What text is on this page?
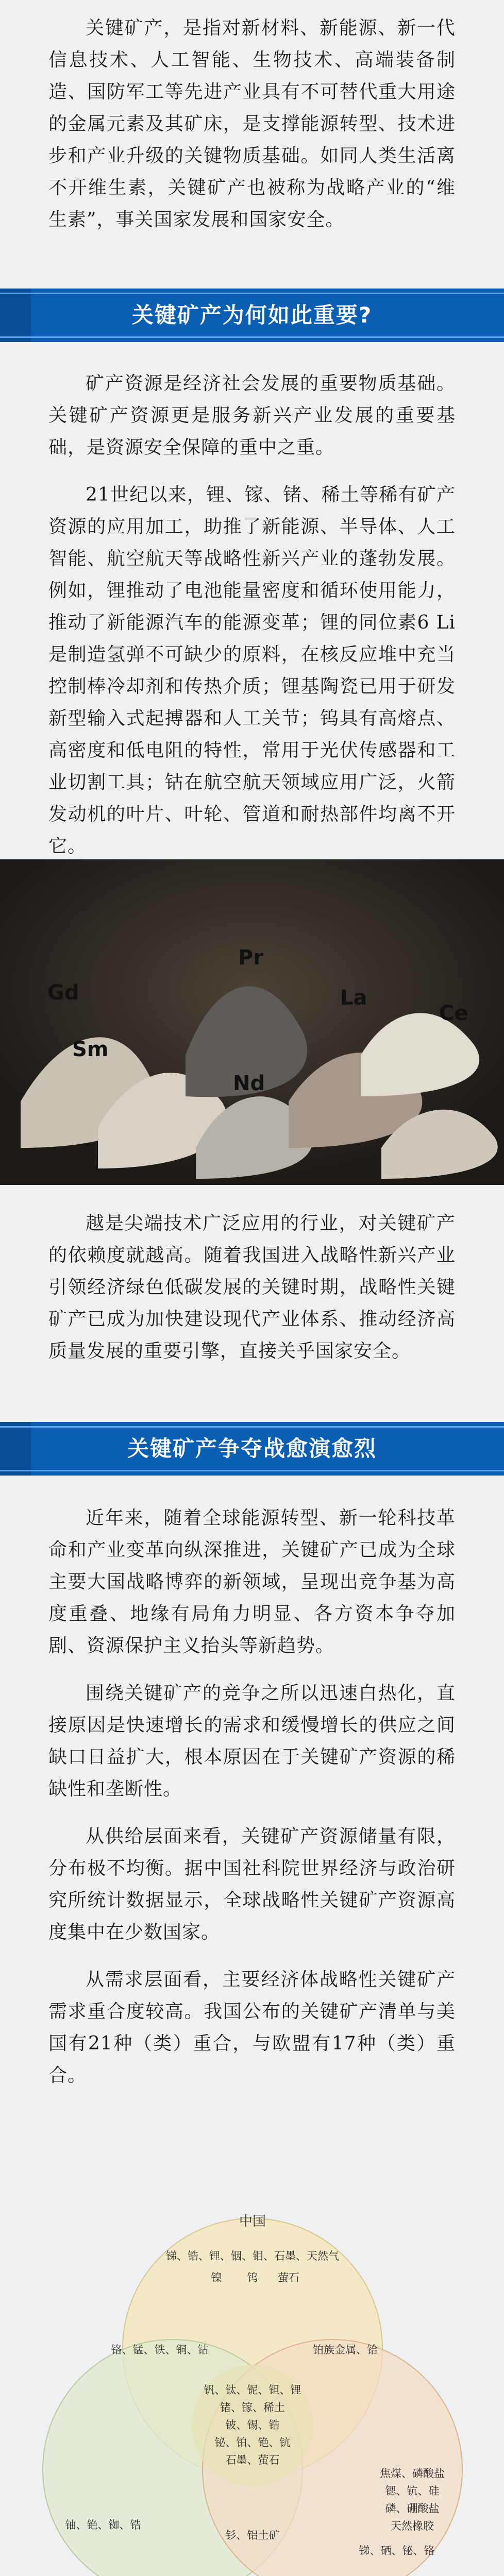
关键矿产，是指对新材料、新能源、新一代信息技术、人工智能、生物技术、高端装备制造、国防军工等先进产业具有不可替代重大用途的金属元素及其矿床，是支撑能源转型、技术进步和产业升级的关键物质基础。如同人类生活离不开维生素，关键矿产也被称为战略产业的“维生素”，事关国家发展和国家安全。

关键矿产为何如此重要?

矿产资源是经济社会发展的重要物质基础。关键矿产资源更是服务新兴产业发展的重要基础，是资源安全保障的重中之重。

21世纪以来，锂、镓、锗、稀土等稀有矿产资源的应用加工，助推了新能源、半导体、人工智能、航空航天等战略性新兴产业的蓬勃发展。例如，锂推动了电池能量密度和循环使用能力，推动了新能源汽车的能源变革；锂的同位素6 Li是制造氢弹不可缺少的原料，在核反应堆中充当控制棒冷却剂和传热介质；锂基陶瓷已用于研发新型输入式起搏器和人工关节；钨具有高熔点、高密度和低电阻的特性，常用于光伏传感器和工业切割工具；钴在航空航天领域应用广泛，火箭发动机的叶片、叶轮、管道和耐热部件均离不开它。

Gd
Sm
Pr
Nd
La
Ce

越是尖端技术广泛应用的行业，对关键矿产的依赖度就越高。随着我国进入战略性新兴产业引领经济绿色低碳发展的关键时期，战略性关键矿产已成为加快建设现代产业体系、推动经济高质量发展的重要引擎，直接关乎国家安全。

关键矿产争夺战愈演愈烈

近年来，随着全球能源转型、新一轮科技革命和产业变革向纵深推进，关键矿产已成为全球主要大国战略博弈的新领域，呈现出竞争基为高度重叠、地缘有局角力明显、各方资本争夺加剧、资源保护主义抬头等新趋势。

围绕关键矿产的竞争之所以迅速白热化，直接原因是快速增长的需求和缓慢增长的供应之间缺口日益扩大，根本原因在于关键矿产资源的稀缺性和垄断性。

从供给层面来看，关键矿产资源储量有限，分布极不均衡。据中国社科院世界经济与政治研究所统计数据显示，全球战略性关键矿产资源高度集中在少数国家。

从需求层面看，主要经济体战略性关键矿产需求重合度较高。我国公布的关键矿产清单与美国有21种（类）重合，与欧盟有17种（类）重合。

中国
锑、锆、锂、铟、钼、石墨、天然气
镍 钨 萤石
铬、锰、铁、铜、钴	铂族金属、铪
钒、钛、铌、钽、锂
锗、镓、稀土
铍、锡、锆
铋、铂、铯、钪
石墨、萤石
铀、铯、铷、锆
钐、铝土矿
焦煤、磷酸盐
锶、钪、硅
磷、硼酸盐
天然橡胶
锑、硒、铋、铬
